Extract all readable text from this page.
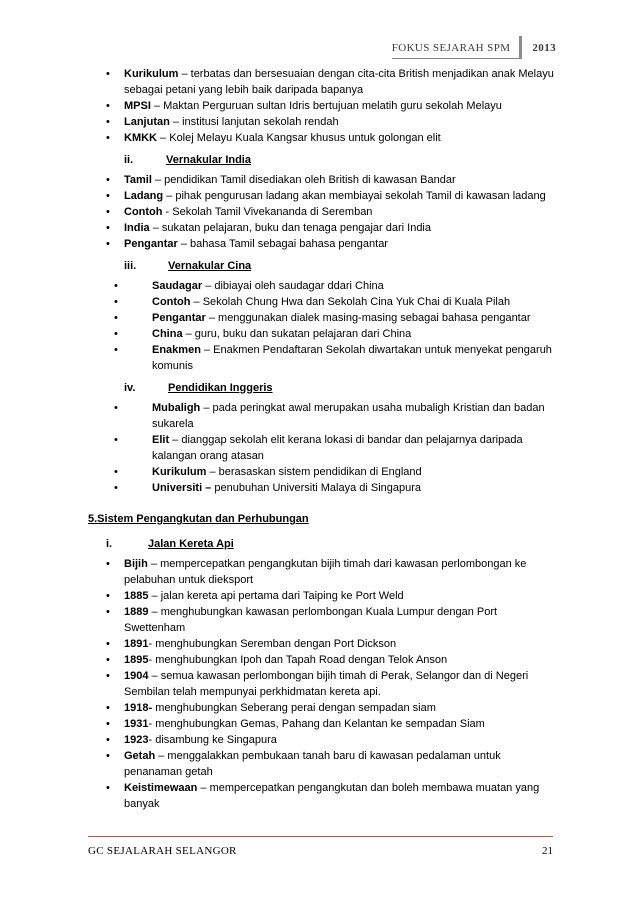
FOKUS SEJARAH SPM	2013
• Kurikulum – terbatas dan bersesuaian dengan cita-cita British menjadikan anak Melayu sebagai petani yang lebih baik daripada bapanya
• MPSI – Maktan Perguruan sultan Idris bertujuan melatih guru sekolah Melayu
• Lanjutan – institusi lanjutan sekolah rendah
• KMKK – Kolej Melayu Kuala Kangsar khusus untuk golongan elit
ii.	Vernakular India
• Tamil – pendidikan Tamil disediakan oleh British di kawasan Bandar
• Ladang – pihak pengurusan ladang akan membiayai sekolah Tamil di kawasan ladang
• Contoh - Sekolah Tamil Vivekananda di Seremban
• India – sukatan pelajaran, buku dan tenaga pengajar dari India
• Pengantar – bahasa Tamil sebagai bahasa pengantar
iii.	Vernakular Cina
•	Saudagar – dibiayai oleh saudagar ddari China
•	Contoh – Sekolah Chung Hwa dan Sekolah Cina Yuk Chai di Kuala Pilah
•	Pengantar – menggunakan dialek masing-masing sebagai bahasa pengantar
•	China – guru, buku dan sukatan pelajaran dari China
•	Enakmen – Enakmen Pendaftaran Sekolah diwartakan untuk menyekat pengaruh komunis
iv.	Pendidikan Inggeris
•	Mubaligh – pada peringkat awal merupakan usaha mubaligh Kristian dan badan sukarela
•	Elit – dianggap sekolah elit kerana lokasi di bandar dan pelajarnya daripada kalangan orang atasan
•	Kurikulum – berasaskan sistem pendidikan di England
•	Universiti – penubuhan Universiti Malaya di Singapura
5.Sistem Pengangkutan dan Perhubungan
i.	Jalan Kereta Api
• Bijih – mempercepatkan pengangkutan bijih timah dari kawasan perlombongan ke pelabuhan untuk dieksport
• 1885 – jalan kereta api pertama dari Taiping ke Port Weld
• 1889 – menghubungkan kawasan perlombongan Kuala Lumpur dengan Port Swettenham
• 1891- menghubungkan Seremban dengan Port Dickson
• 1895- menghubungkan Ipoh dan Tapah Road dengan Telok Anson
• 1904 – semua kawasan perlombongan bijih timah di Perak, Selangor dan di Negeri Sembilan telah mempunyai perkhidmatan kereta api.
• 1918- menghubungkan Seberang perai dengan sempadan siam
• 1931- menghubungkan Gemas, Pahang dan Kelantan ke sempadan Siam
• 1923- disambung ke Singapura
• Getah – menggalakkan pembukaan tanah baru di kawasan pedalaman untuk penanaman getah
• Keistimewaan – mempercepatkan pengangkutan dan boleh membawa muatan yang banyak
GC SEJALARAH SELANGOR	21
